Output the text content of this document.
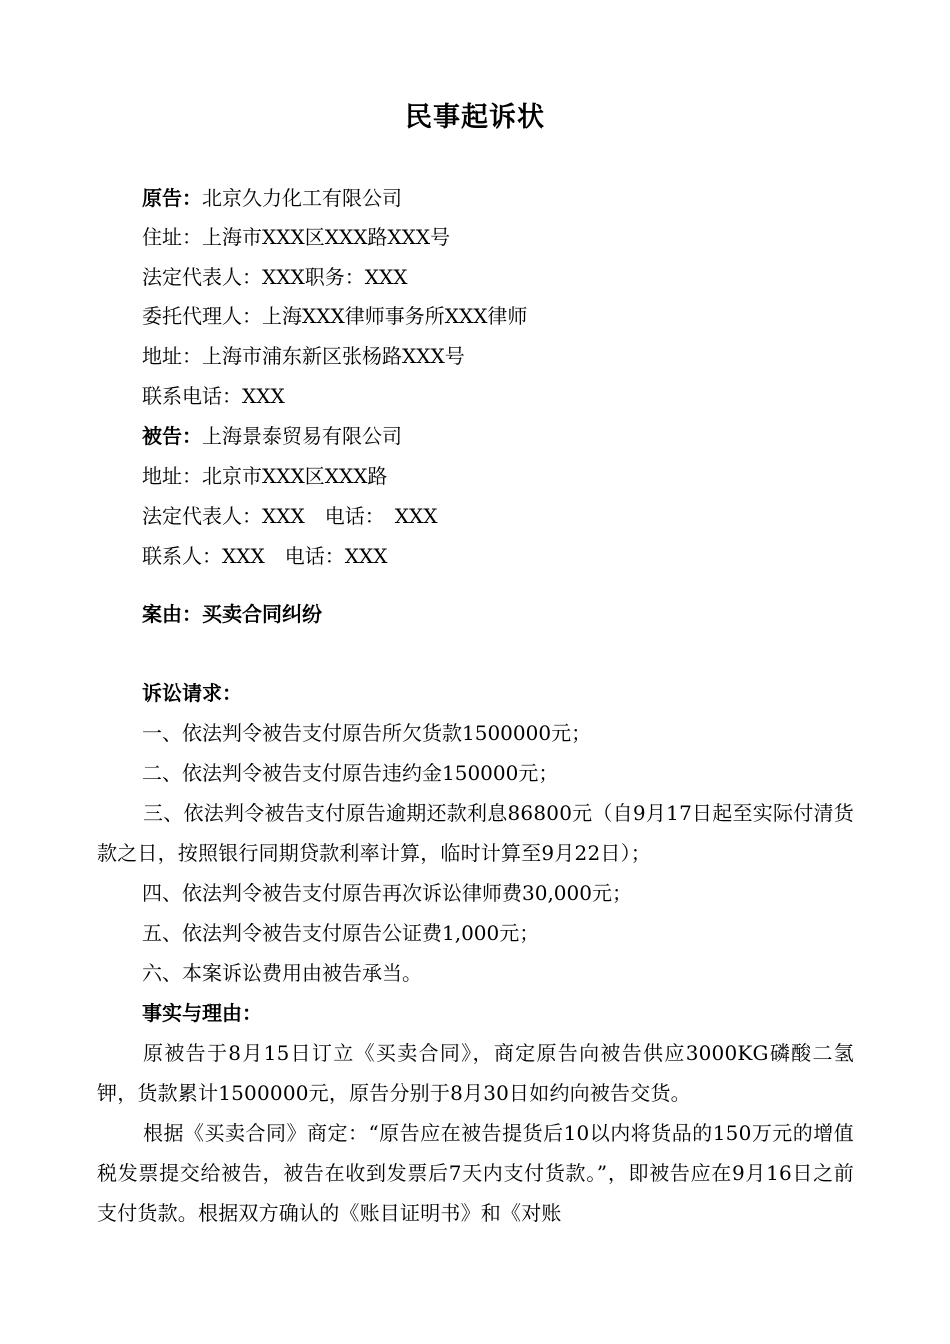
民事起诉状
原告：北京久力化工有限公司
住址：上海市XXX区XXX路XXX号
法定代表人：XXX职务：XXX
委托代理人：上海XXX律师事务所XXX律师
地址：上海市浦东新区张杨路XXX号
联系电话：XXX
被告：上海景泰贸易有限公司
地址：北京市XXX区XXX路
法定代表人：XXX　电话：　XXX
联系人：XXX　电话：XXX
案由：买卖合同纠纷
诉讼请求：
一、依法判令被告支付原告所欠货款1500000元；
二、依法判令被告支付原告违约金150000元；
三、依法判令被告支付原告逾期还款利息86800元（自9月17日起至实际付清货款之日，按照银行同期贷款利率计算，临时计算至9月22日）；
四、依法判令被告支付原告再次诉讼律师费30,000元；
五、依法判令被告支付原告公证费1,000元；
六、本案诉讼费用由被告承当。
事实与理由：
原被告于8月15日订立《买卖合同》，商定原告向被告供应3000KG磷酸二氢钾，货款累计1500000元，原告分别于8月30日如约向被告交货。
根据《买卖合同》商定：“原告应在被告提货后10以内将货品的150万元的增值税发票提交给被告，被告在收到发票后7天内支付货款。”，即被告应在9月16日之前支付货款。根据双方确认的《账目证明书》和《对账
